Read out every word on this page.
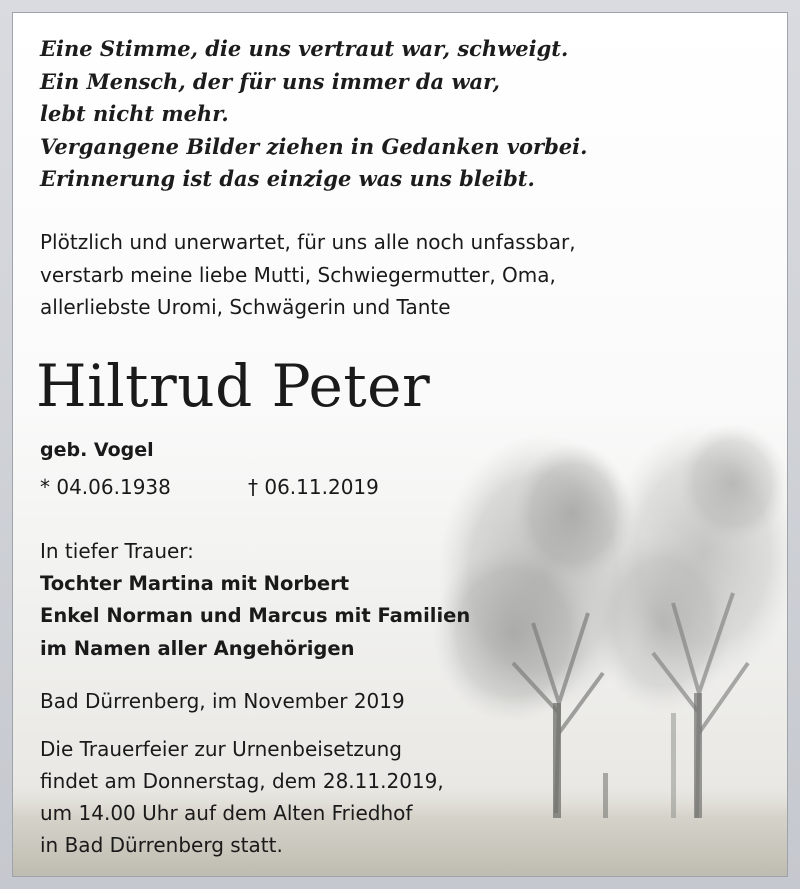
Eine Stimme, die uns vertraut war, schweigt.
Ein Mensch, der für uns immer da war,
lebt nicht mehr.
Vergangene Bilder ziehen in Gedanken vorbei.
Erinnerung ist das einzige was uns bleibt.
Plötzlich und unerwartet, für uns alle noch unfassbar,
verstarb meine liebe Mutti, Schwiegermutter, Oma,
allerliebste Uromi, Schwägerin und Tante
Hiltrud Peter
geb. Vogel
* 04.06.1938	† 06.11.2019
In tiefer Trauer:
Tochter Martina mit Norbert
Enkel Norman und Marcus mit Familien
im Namen aller Angehörigen
Bad Dürrenberg, im November 2019
Die Trauerfeier zur Urnenbeisetzung
findet am Donnerstag, dem 28.11.2019,
um 14.00 Uhr auf dem Alten Friedhof
in Bad Dürrenberg statt.
